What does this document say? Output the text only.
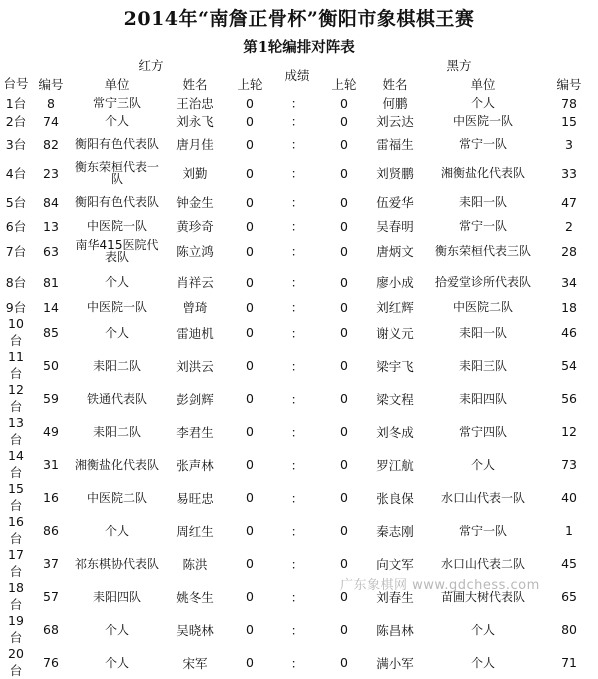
2014年“南詹正骨杯”衡阳市象棋棋王赛
第1轮编排对阵表
	红方				成绩	黑方			
台号	编号	单位	姓名	上轮		上轮	姓名	单位	编号
1台	8	常宁三队	王治忠	0	：	0	何鹏	个人	78
2台	74	个人	刘永飞	0	：	0	刘云达	中医院一队	15
3台	82	衡阳有色代表队	唐月佳	0	：	0	雷福生	常宁一队	3
4台	23	衡东荣桓代表一队	刘勤	0	：	0	刘贤鹏	湘衡盐化代表队	33
5台	84	衡阳有色代表队	钟金生	0	：	0	伍爱华	耒阳一队	47
6台	13	中医院一队	黄珍奇	0	：	0	吴春明	常宁一队	2
7台	63	南华415医院代表队	陈立鸿	0	：	0	唐炳文	衡东荣桓代表三队	28
8台	81	个人	肖祥云	0	：	0	廖小成	拾爱堂诊所代表队	34
9台	14	中医院一队	曾琦	0	：	0	刘红辉	中医院二队	18
10台	85	个人	雷迪机	0	：	0	谢义元	耒阳一队	46
11台	50	耒阳二队	刘洪云	0	：	0	梁宇飞	耒阳三队	54
12台	59	铁通代表队	彭剑辉	0	：	0	梁文程	耒阳四队	56
13台	49	耒阳二队	李君生	0	：	0	刘冬成	常宁四队	12
14台	31	湘衡盐化代表队	张声林	0	：	0	罗江航	个人	73
15台	16	中医院二队	易旺忠	0	：	0	张良保	水口山代表一队	40
16台	86	个人	周红生	0	：	0	秦志刚	常宁一队	1
17台	37	祁东棋协代表队	陈洪	0	：	0	向文军	水口山代表二队	45
18台	57	耒阳四队	姚冬生	0	：	0	刘春生	苗圃大树代表队	65
19台	68	个人	吴晓林	0	：	0	陈昌林	个人	80
20台	76	个人	宋军	0	：	0	满小军	个人	71
广东象棋网 www.gdchess.com
